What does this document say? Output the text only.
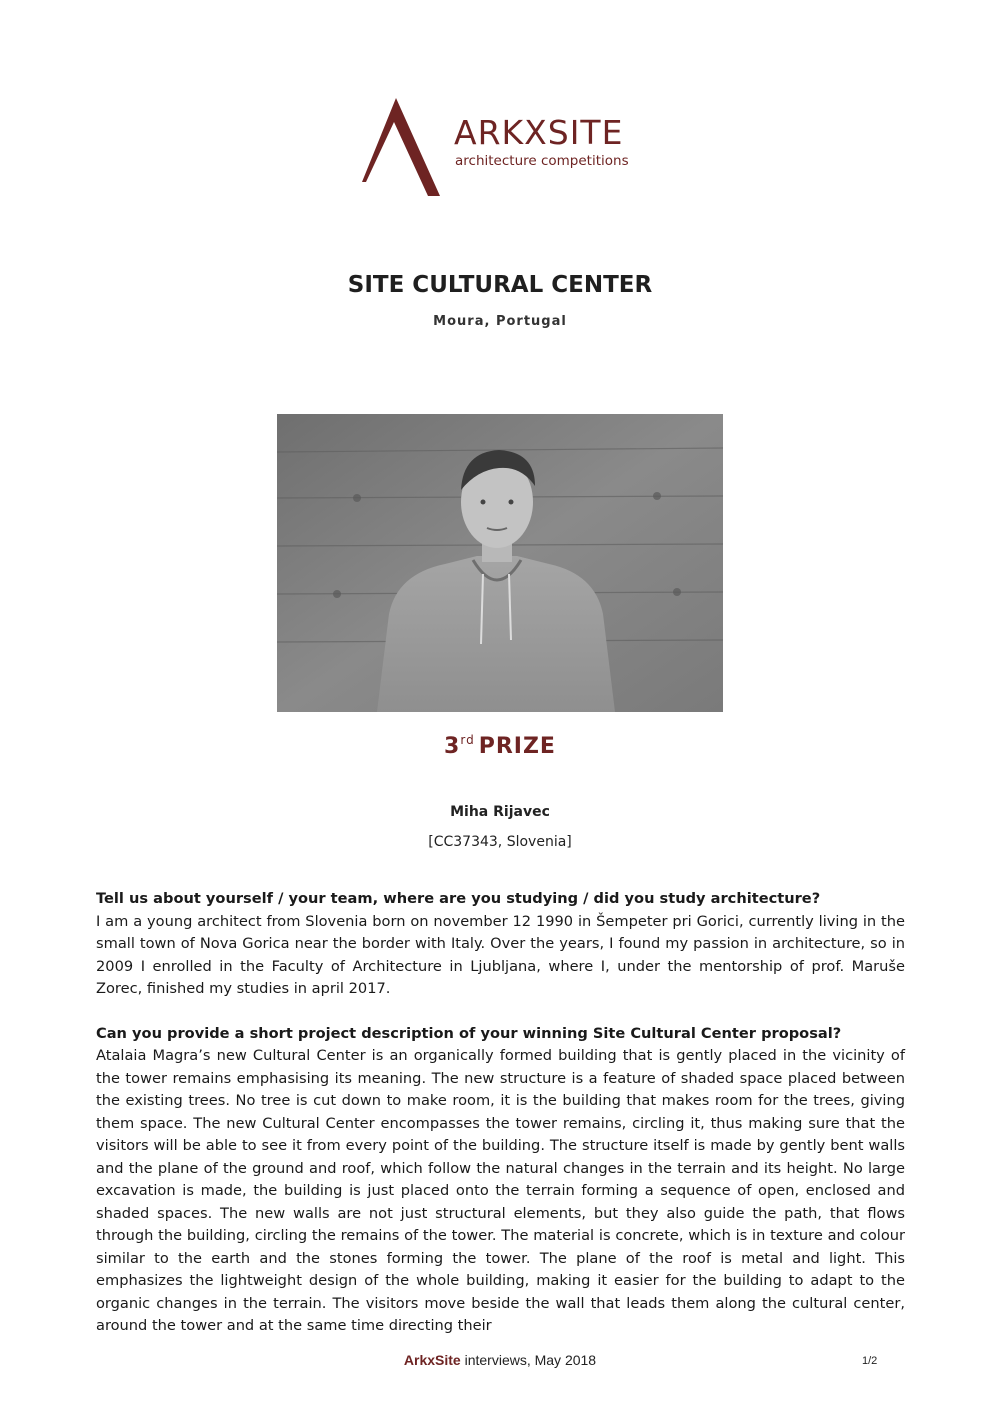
ARKXSITE
architecture competitions
SITE CULTURAL CENTER
Moura, Portugal
3rd PRIZE
Miha Rijavec
[CC37343, Slovenia]

Tell us about yourself / your team, where are you studying / did you study architecture?

I am a young architect from Slovenia born on november 12 1990 in Šempeter pri Gorici, currently living in the small town of Nova Gorica near the border with Italy. Over the years, I found my passion in architecture, so in 2009 I enrolled in the Faculty of Architecture in Ljubljana, where I, under the mentorship of prof. Maruše Zorec, finished my studies in april 2017.

Can you provide a short project description of your winning Site Cultural Center proposal?

Atalaia Magra’s new Cultural Center is an organically formed building that is gently placed in the vicinity of the tower remains emphasising its meaning. The new structure is a feature of shaded space placed between the existing trees. No tree is cut down to make room, it is the building that makes room for the trees, giving them space. The new Cultural Center encompasses the tower remains, circling it, thus making sure that the visitors will be able to see it from every point of the building. The structure itself is made by gently bent walls and the plane of the ground and roof, which follow the natural changes in the terrain and its height. No large excavation is made, the building is just placed onto the terrain forming a sequence of open, enclosed and shaded spaces. The new walls are not just structural elements, but they also guide the path, that flows through the building, circling the remains of the tower. The material is concrete, which is in texture and colour similar to the earth and the stones forming the tower. The plane of the roof is metal and light. This emphasizes the lightweight design of the whole building, making it easier for the building to adapt to the organic changes in the terrain. The visitors move beside the wall that leads them along the cultural center, around the tower and at the same time directing their

ArkxSite interviews, May 2018	1/2
